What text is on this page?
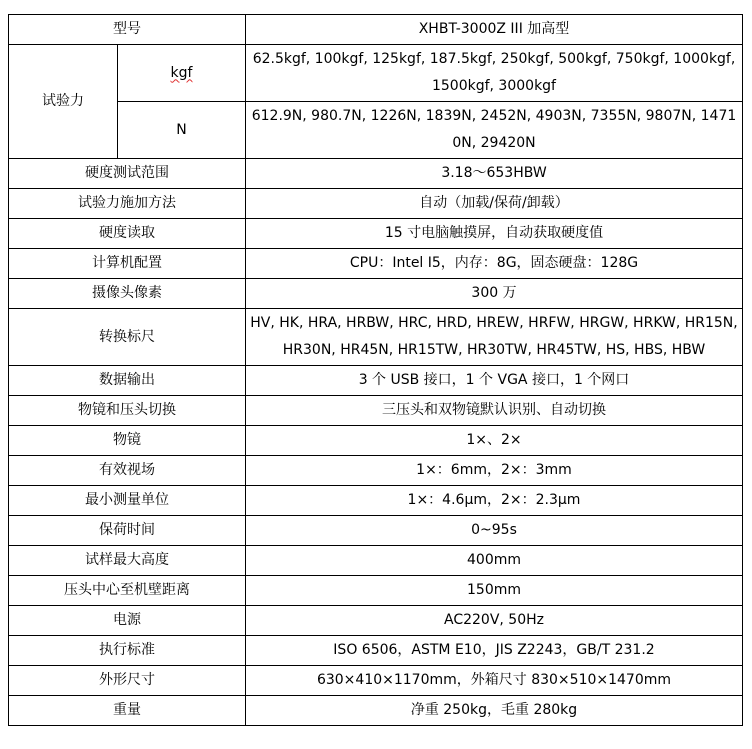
型号		XHBT-3000Z III 加高型
试验力	kgf	62.5kgf, 100kgf, 125kgf, 187.5kgf, 250kgf, 500kgf, 750kgf, 1000kgf, 1500kgf, 3000kgf
	N	612.9N, 980.7N, 1226N, 1839N, 2452N, 4903N, 7355N, 9807N, 14710N, 29420N
硬度测试范围		3.18～653HBW
试验力施加方法		自动（加载/保荷/卸载）
硬度读取		15 寸电脑触摸屏，自动获取硬度值
计算机配置		CPU：Intel I5，内存：8G，固态硬盘：128G
摄像头像素		300 万
转换标尺		HV, HK, HRA, HRBW, HRC, HRD, HREW, HRFW, HRGW, HRKW, HR15N, HR30N, HR45N, HR15TW, HR30TW, HR45TW, HS, HBS, HBW
数据输出		3 个 USB 接口，1 个 VGA 接口，1 个网口
物镜和压头切换		三压头和双物镜默认识别、自动切换
物镜		1×、2×
有效视场		1×：6mm，2×：3mm
最小测量单位		1×：4.6μm，2×：2.3μm
保荷时间		0~95s
试样最大高度		400mm
压头中心至机壁距离		150mm
电源		AC220V, 50Hz
执行标准		ISO 6506，ASTM E10，JIS Z2243，GB/T 231.2
外形尺寸		630×410×1170mm，外箱尺寸 830×510×1470mm
重量		净重 250kg，毛重 280kg
